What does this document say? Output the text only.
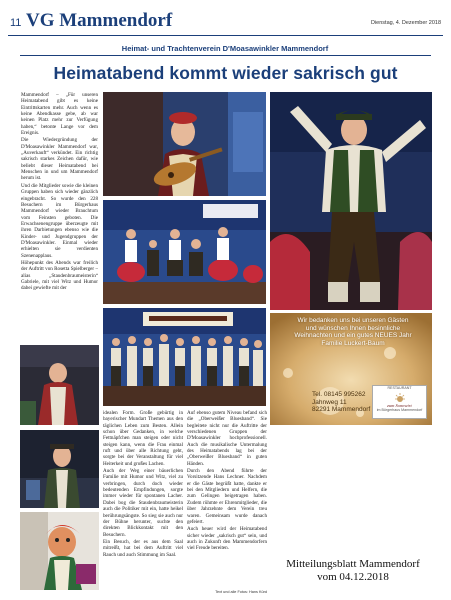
11 VG Mammendorf	Dienstag, 4. Dezember 2018
Heimat- und Trachtenverein D'Moasawinkler Mammendorf
Heimatabend kommt wieder sakrisch gut

Mammendorf – „Für unseren Heimatabend gibt es keine Eintrittskarten mehr. Auch wenn es keine Abendkasse gebe, ab war keinen Platz mehr zur Verfügung haben,“ betonte Lange vor dem Ereignis.

Die Wiedergründung der D'Moasawinkler Mammendorf war, „Auverkauft“ verkündet. Ein richtig sakrisch starkes Zeichen dafür, wie beliebt dieser Heimatabend bei Menschen in und um Mammendorf herum ist.

Und die Mitglieder sowie die kleinen Gruppen haben sich wieder gänzlich eingebracht. So wurde den 228 Besuchern im Bürgerhaus Mammendorf wieder Brauchtum vom Feinsten geboten. Die Erwachsenengruppe überzeugte mit ihren Darbietungen ebenso wie die Kinder- und Jugendgruppen der D'Moasawinkler. Einmal wieder erhielten sie verdienten Szenenapplaus.

Höhepunkt des Abends war freilich der Auftritt von Rosetta Spielberger – alias „Staudenbraumeisterin“ Gabriele, mit viel Witz und Humor dabei gewiefte mit der

idealen Form. Große gebürtig in bayerischer Mundart Themen aus den täglichen Leben zum Besten. Allein schon über Gedanken, in welche Fettnäpfchen man steigen oder nicht steigen kann, wenn die Frau einmal ruft und über alle Richtung geht, sorgte bei der Veranstaltung für viel Heiterkeit und großes Lachen.

Auch der Weg einer bäuerlichen Familie mit Humor und Witz, viel zu verbringen, durch doch wieder bedeutenden Empfindungen, sorgte immer wieder für spontanen Lacher. Dabei bog die Staudenbraumeisterin auch die Politiker mit ein, hatte heikel berührungsängste. So sieg sie auch nur der Bühne herunter, suchte den direkten Blickkontakt mit den Besuchern.

Ein Besuch, der es aus dem Saal mitreißt, hat bei dem Auftritt viel Rauch und auch Stimmung im Saal.

Auf ebenso gutem Niveau befand sich die „Oberweißer Bluesband“. Sie begleitete nicht nur die Auftritte der verschiedenen Gruppen der D'Moasawinkler hochprofessionell. Auch die musikalische Untermalung des Heimatabends lag bei der „Oberweißer Bluesband“ in guten Händen.

Durch den Abend führte der Vorsitzende Hans Lechner. Nachdem er die Gäste begrüßt hatte, dankte er bei den Mitgliedern und Helfern, die zum Gelingen beigetragen haben. Zudem rühmte er Ehrenmitglieder, die über Jahrzehnte dem Verein treu waren. Gemeinsam wurde danach gefeiert.

Auch heuer wird der Heimatabend sicher wieder „sakrisch gut“ sein, und auch in Zukunft den Mammendorfern viel Freude bereiten.

Text und alle Fotos: Hans Kürd
Wir bedanken uns bei unseren Gästen
und wünschen Ihnen besinnliche
Weihnachten und ein gutes NEUES Jahr
Familie Luckert-Baum
Tel. 08145 995262
Jahnweg 11
82291 Mammendorf
RESTAURANT
zum Sonnwirt
im Bürgerhaus Mammendorf
Mitteilungsblatt Mammendorf
vom 04.12.2018
